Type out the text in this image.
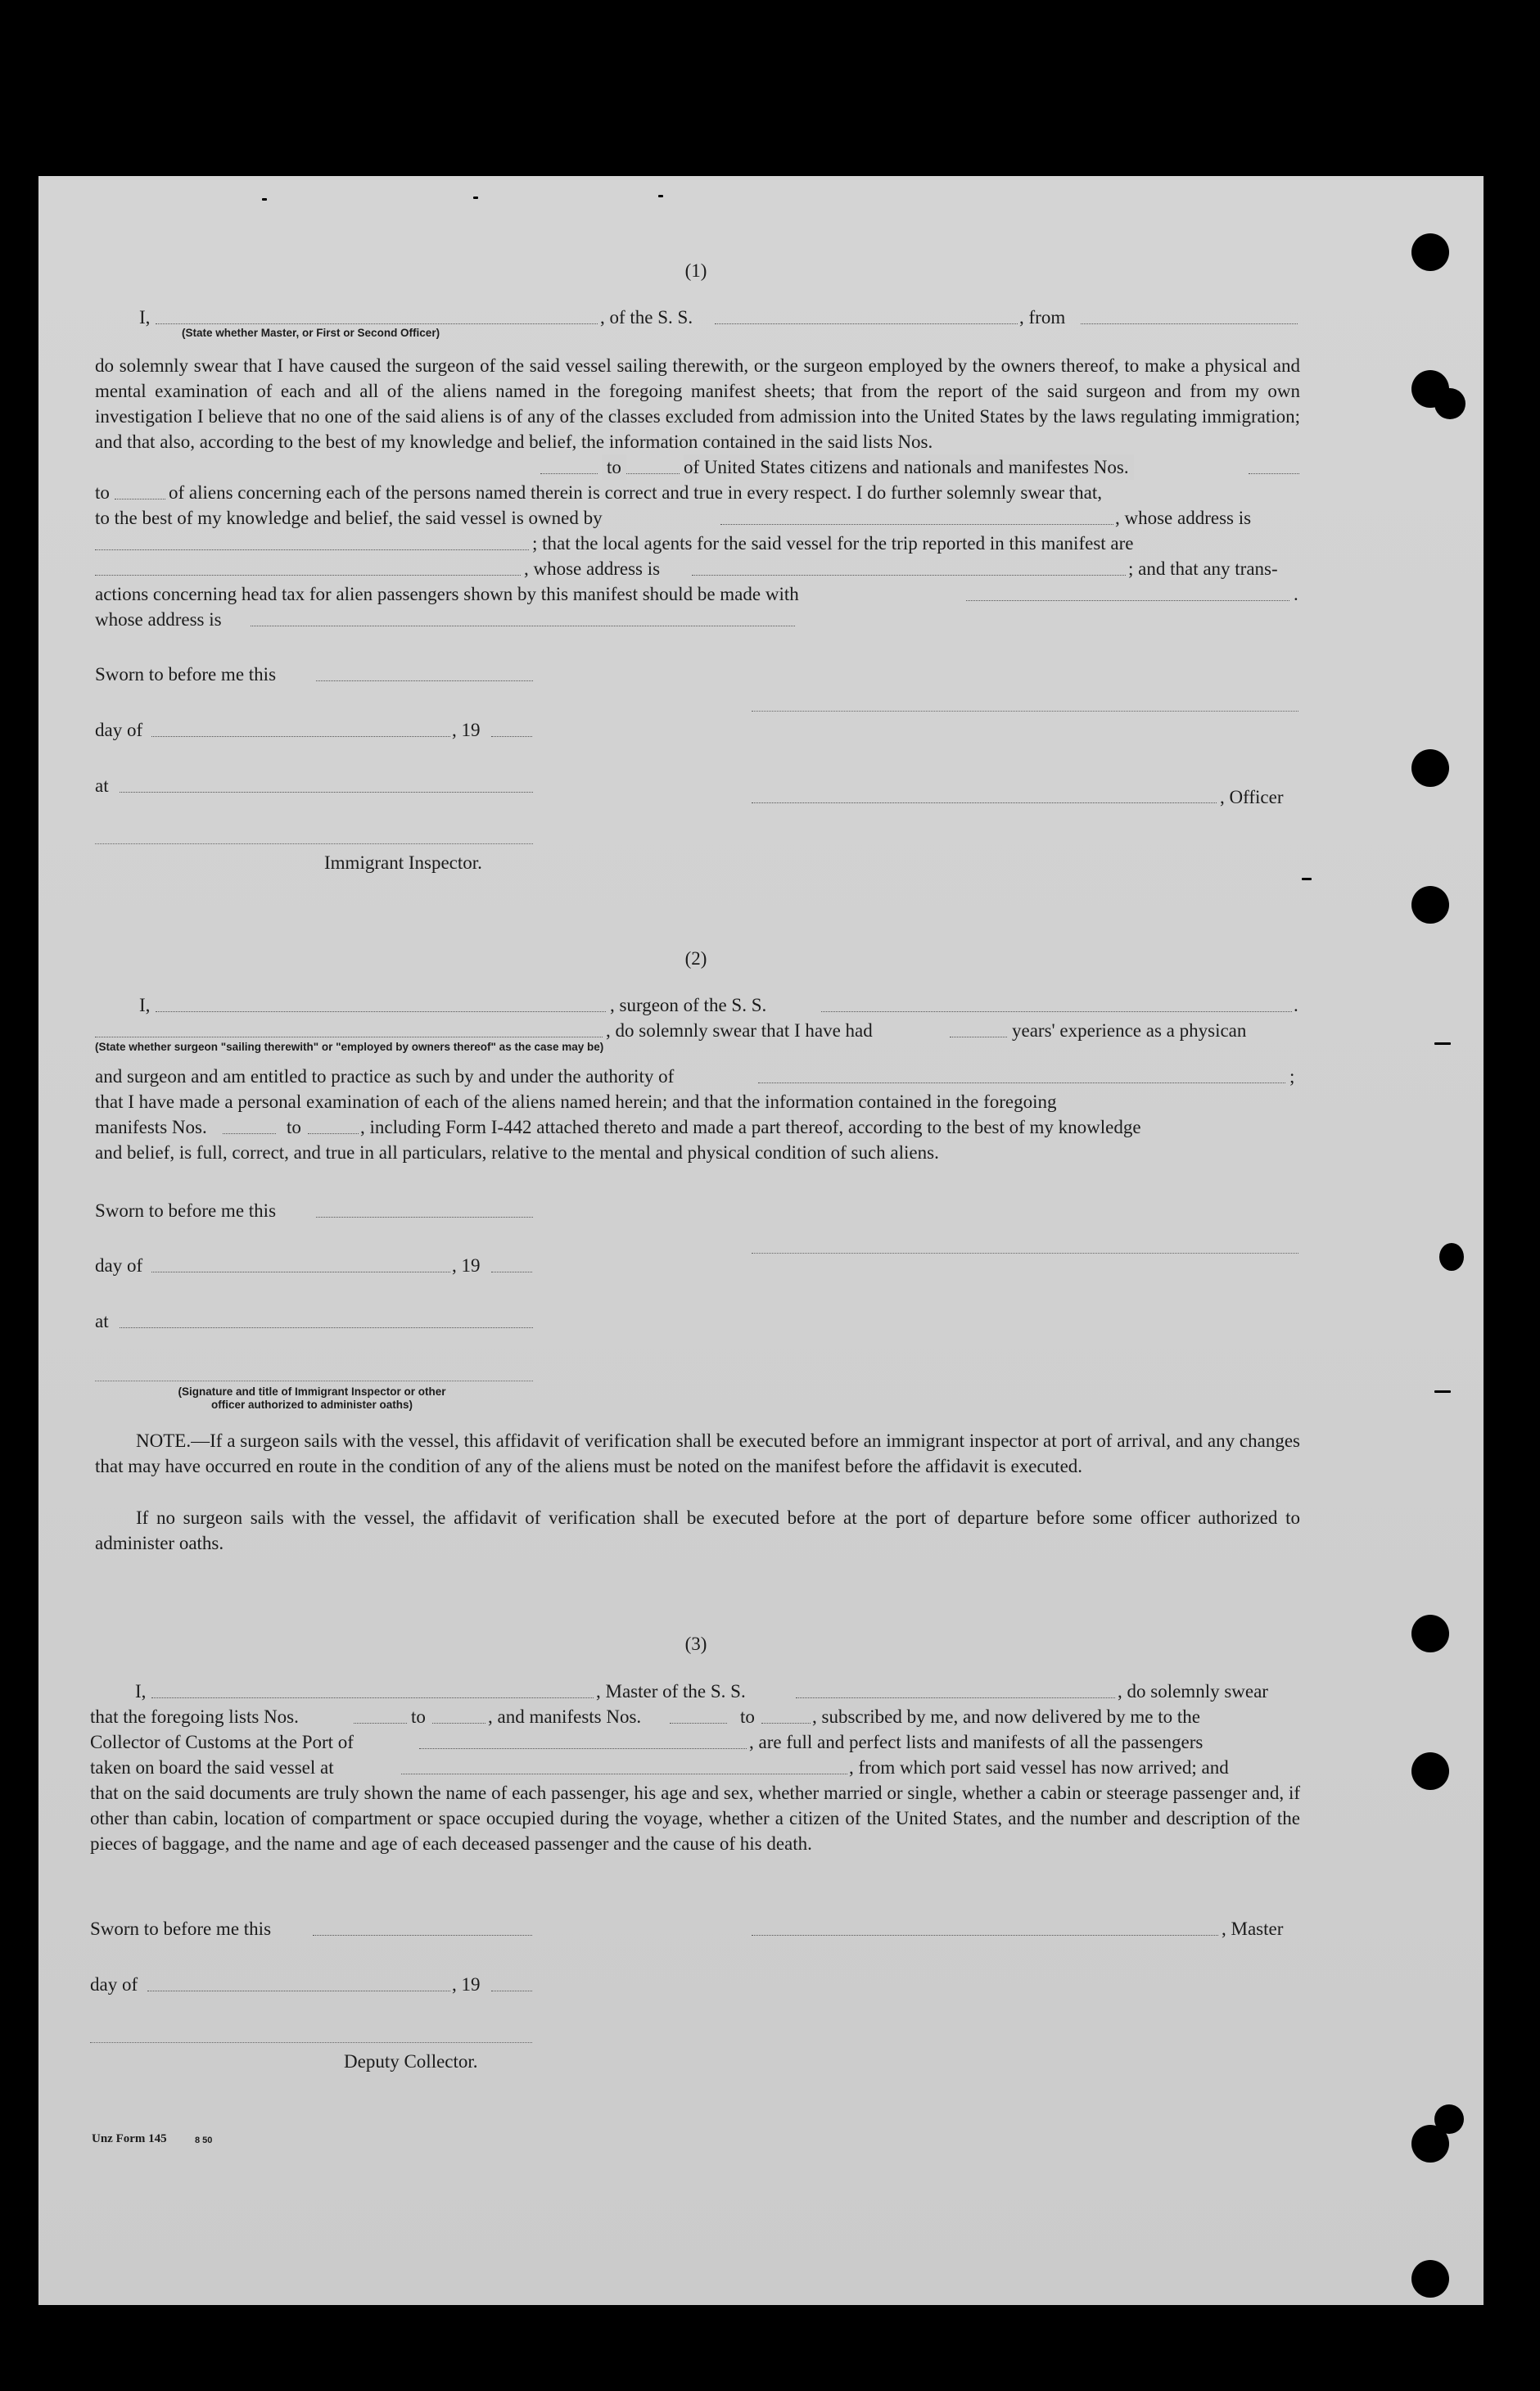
(1)
I,	, of the S. S.	, from
(State whether Master, or First or Second Officer)
do solemnly swear that I have caused the surgeon of the said vessel sailing therewith, or the surgeon employed by the owners thereof, to make a physical and mental examination of each and all of the aliens named in the foregoing manifest sheets; that from the report of the said surgeon and from my own investigation I believe that no one of the said aliens is of any of the classes excluded from admission into the United States by the laws regulating immigration; and that also, according to the best of my knowledge and belief, the information contained in the said lists Nos.
to	of United States citizens and nationals and manifestes Nos.
to	of aliens concerning each of the persons named therein is correct and true in every respect. I do further solemnly swear that,
to the best of my knowledge and belief, the said vessel is owned by	, whose address is
; that the local agents for the said vessel for the trip reported in this manifest are
, whose address is	; and that any trans-
actions concerning head tax for alien passengers shown by this manifest should be made with	.
whose address is
Sworn to before me this
day of	, 19
at
, Officer
Immigrant Inspector.
(2)
I,	, surgeon of the S. S.	.
, do solemnly swear that I have had	years' experience as a physican
(State whether surgeon "sailing therewith" or "employed by owners thereof" as the case may be)
and surgeon and am entitled to practice as such by and under the authority of	;
that I have made a personal examination of each of the aliens named herein; and that the information contained in the foregoing
manifests Nos.	to	, including Form I-442 attached thereto and made a part thereof, according to the best of my knowledge
and belief, is full, correct, and true in all particulars, relative to the mental and physical condition of such aliens.
Sworn to before me this
day of	, 19
at
(Signature and title of Immigrant Inspector or other
officer authorized to administer oaths)
NOTE.—If a surgeon sails with the vessel, this affidavit of verification shall be executed before an immigrant inspector at port of arrival, and any changes that may have occurred en route in the condition of any of the aliens must be noted on the manifest before the affidavit is executed.
If no surgeon sails with the vessel, the affidavit of verification shall be executed before at the port of departure before some officer authorized to administer oaths.
(3)
I,	, Master of the S. S.	, do solemnly swear
that the foregoing lists Nos.	to	, and manifests Nos.	to	, subscribed by me, and now delivered by me to the
Collector of Customs at the Port of	, are full and perfect lists and manifests of all the passengers
taken on board the said vessel at	, from which port said vessel has now arrived; and
that on the said documents are truly shown the name of each passenger, his age and sex, whether married or single, whether a cabin or steerage passenger and, if other than cabin, location of compartment or space occupied during the voyage, whether a citizen of the United States, and the number and description of the pieces of baggage, and the name and age of each deceased passenger and the cause of his death.
Sworn to before me this	, Master
day of	, 19
Deputy Collector.
Unz Form 145	8 50
